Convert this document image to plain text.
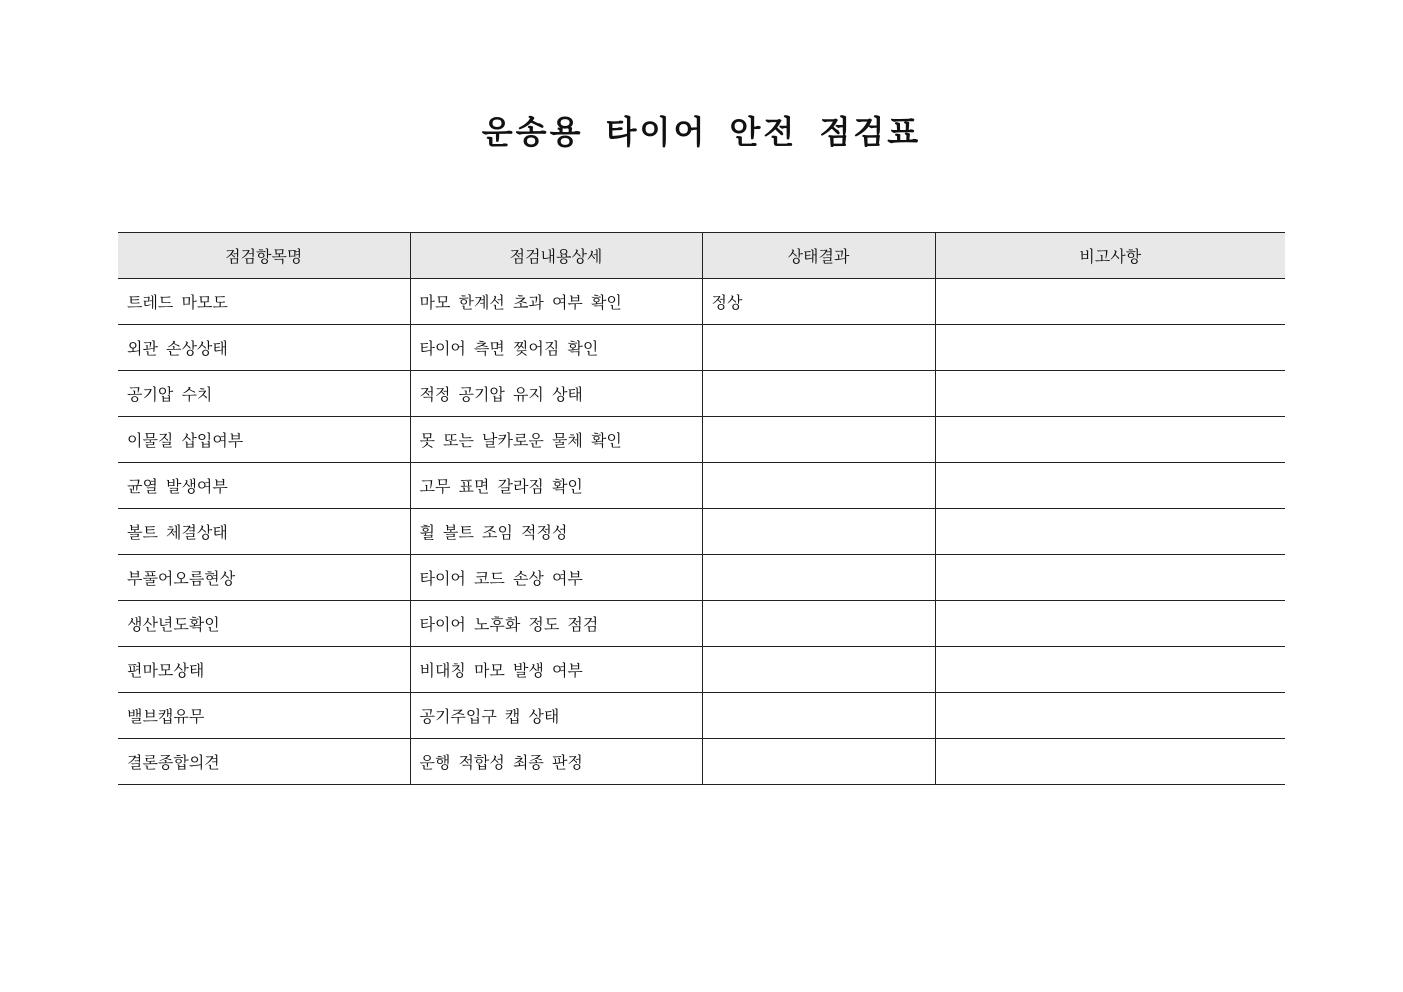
운송용 타이어 안전 점검표
점검항목명	점검내용상세	상태결과	비고사항
트레드 마모도	마모 한계선 초과 여부 확인	정상	
외관 손상상태	타이어 측면 찢어짐 확인		
공기압 수치	적정 공기압 유지 상태		
이물질 삽입여부	못 또는 날카로운 물체 확인		
균열 발생여부	고무 표면 갈라짐 확인		
볼트 체결상태	휠 볼트 조임 적정성		
부풀어오름현상	타이어 코드 손상 여부		
생산년도확인	타이어 노후화 정도 점검		
편마모상태	비대칭 마모 발생 여부		
밸브캡유무	공기주입구 캡 상태		
결론종합의견	운행 적합성 최종 판정		
